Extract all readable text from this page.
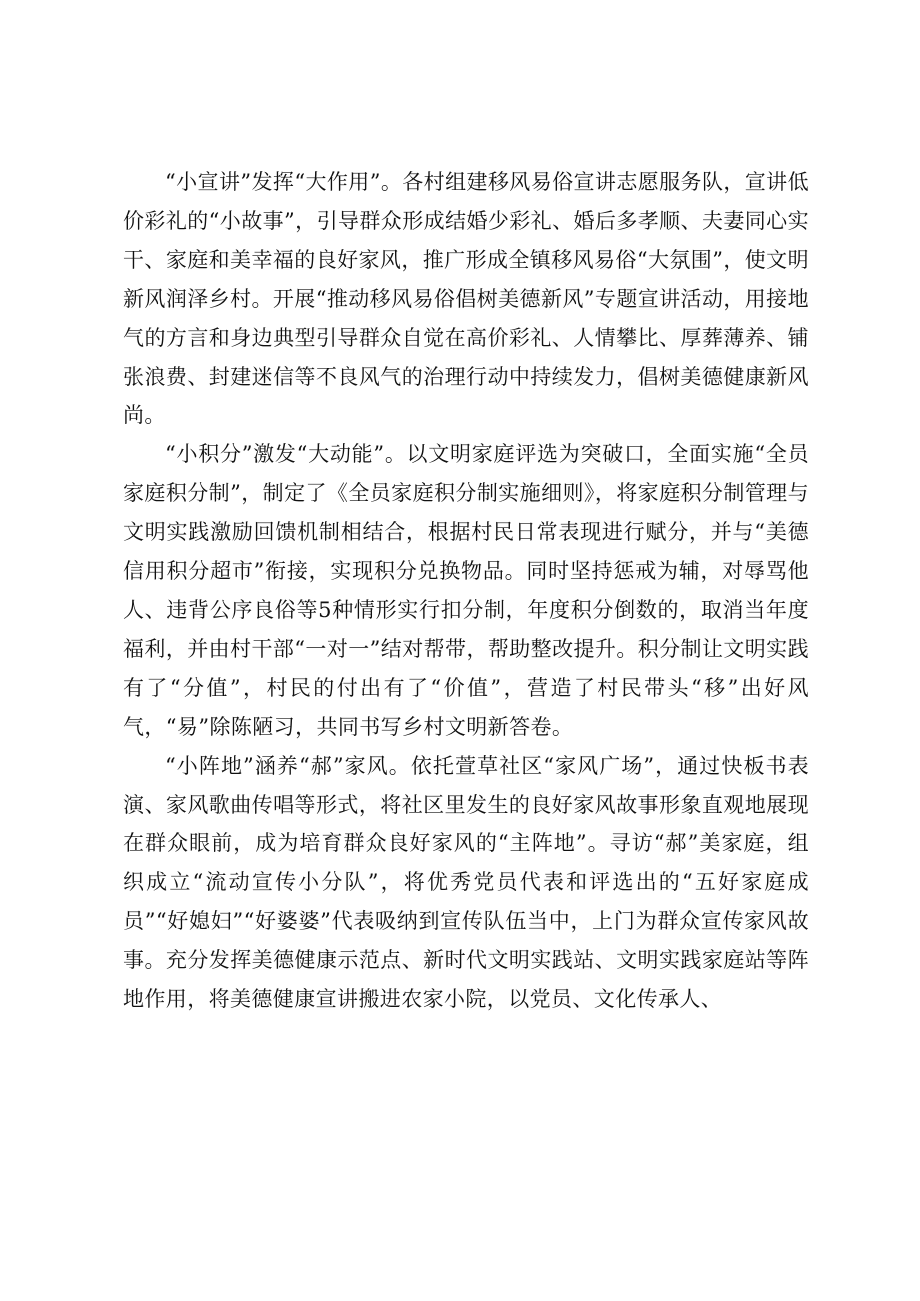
“小宣讲”发挥“大作用”。各村组建移风易俗宣讲志愿服务队，宣讲低价彩礼的“小故事”，引导群众形成结婚少彩礼、婚后多孝顺、夫妻同心实干、家庭和美幸福的良好家风，推广形成全镇移风易俗“大氛围”，使文明新风润泽乡村。开展“推动移风易俗倡树美德新风”专题宣讲活动，用接地气的方言和身边典型引导群众自觉在高价彩礼、人情攀比、厚葬薄养、铺张浪费、封建迷信等不良风气的治理行动中持续发力，倡树美德健康新风尚。

“小积分”激发“大动能”。以文明家庭评选为突破口，全面实施“全员家庭积分制”，制定了《全员家庭积分制实施细则》，将家庭积分制管理与文明实践激励回馈机制相结合，根据村民日常表现进行赋分，并与“美德信用积分超市”衔接，实现积分兑换物品。同时坚持惩戒为辅，对辱骂他人、违背公序良俗等5种情形实行扣分制，年度积分倒数的，取消当年度福利，并由村干部“一对一”结对帮带，帮助整改提升。积分制让文明实践有了“分值”，村民的付出有了“价值”，营造了村民带头“移”出好风气，“易”除陈陋习，共同书写乡村文明新答卷。

“小阵地”涵养“郝”家风。依托萱草社区“家风广场”，通过快板书表演、家风歌曲传唱等形式，将社区里发生的良好家风故事形象直观地展现在群众眼前，成为培育群众良好家风的“主阵地”。寻访“郝”美家庭，组织成立“流动宣传小分队”，将优秀党员代表和评选出的“五好家庭成员”“好媳妇”“好婆婆”代表吸纳到宣传队伍当中，上门为群众宣传家风故事。充分发挥美德健康示范点、新时代文明实践站、文明实践家庭站等阵地作用，将美德健康宣讲搬进农家小院，以党员、文化传承人、
